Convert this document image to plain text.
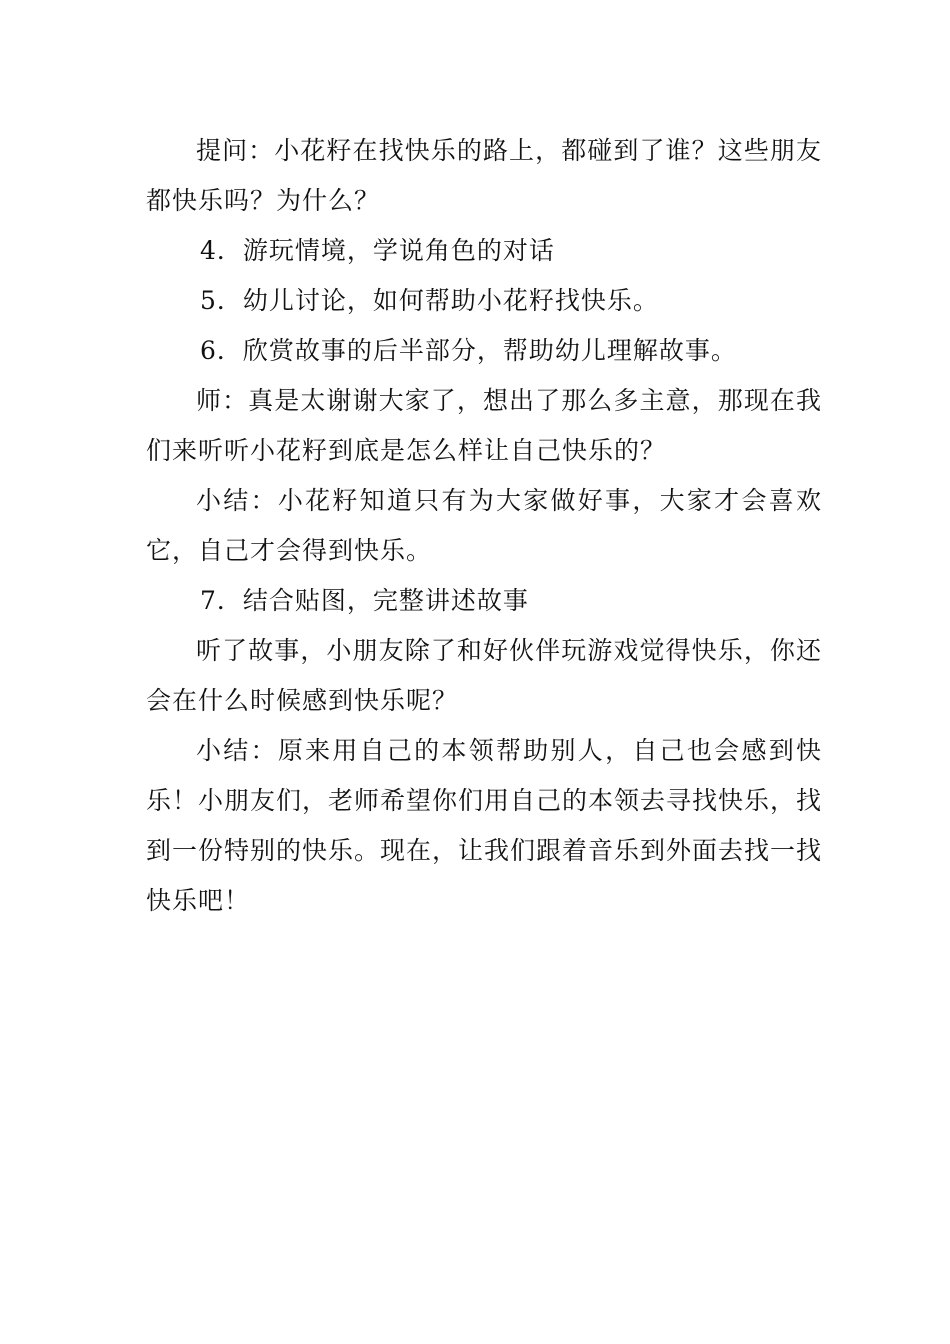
提问：小花籽在找快乐的路上，都碰到了谁？这些朋友都快乐吗？为什么？

4．游玩情境，学说角色的对话

5．幼儿讨论，如何帮助小花籽找快乐。

6．欣赏故事的后半部分，帮助幼儿理解故事。

师：真是太谢谢大家了，想出了那么多主意，那现在我们来听听小花籽到底是怎么样让自己快乐的？

小结：小花籽知道只有为大家做好事，大家才会喜欢它，自己才会得到快乐。

7．结合贴图，完整讲述故事

听了故事，小朋友除了和好伙伴玩游戏觉得快乐，你还会在什么时候感到快乐呢？

小结：原来用自己的本领帮助别人，自己也会感到快乐！小朋友们，老师希望你们用自己的本领去寻找快乐，找到一份特别的快乐。现在，让我们跟着音乐到外面去找一找快乐吧！
